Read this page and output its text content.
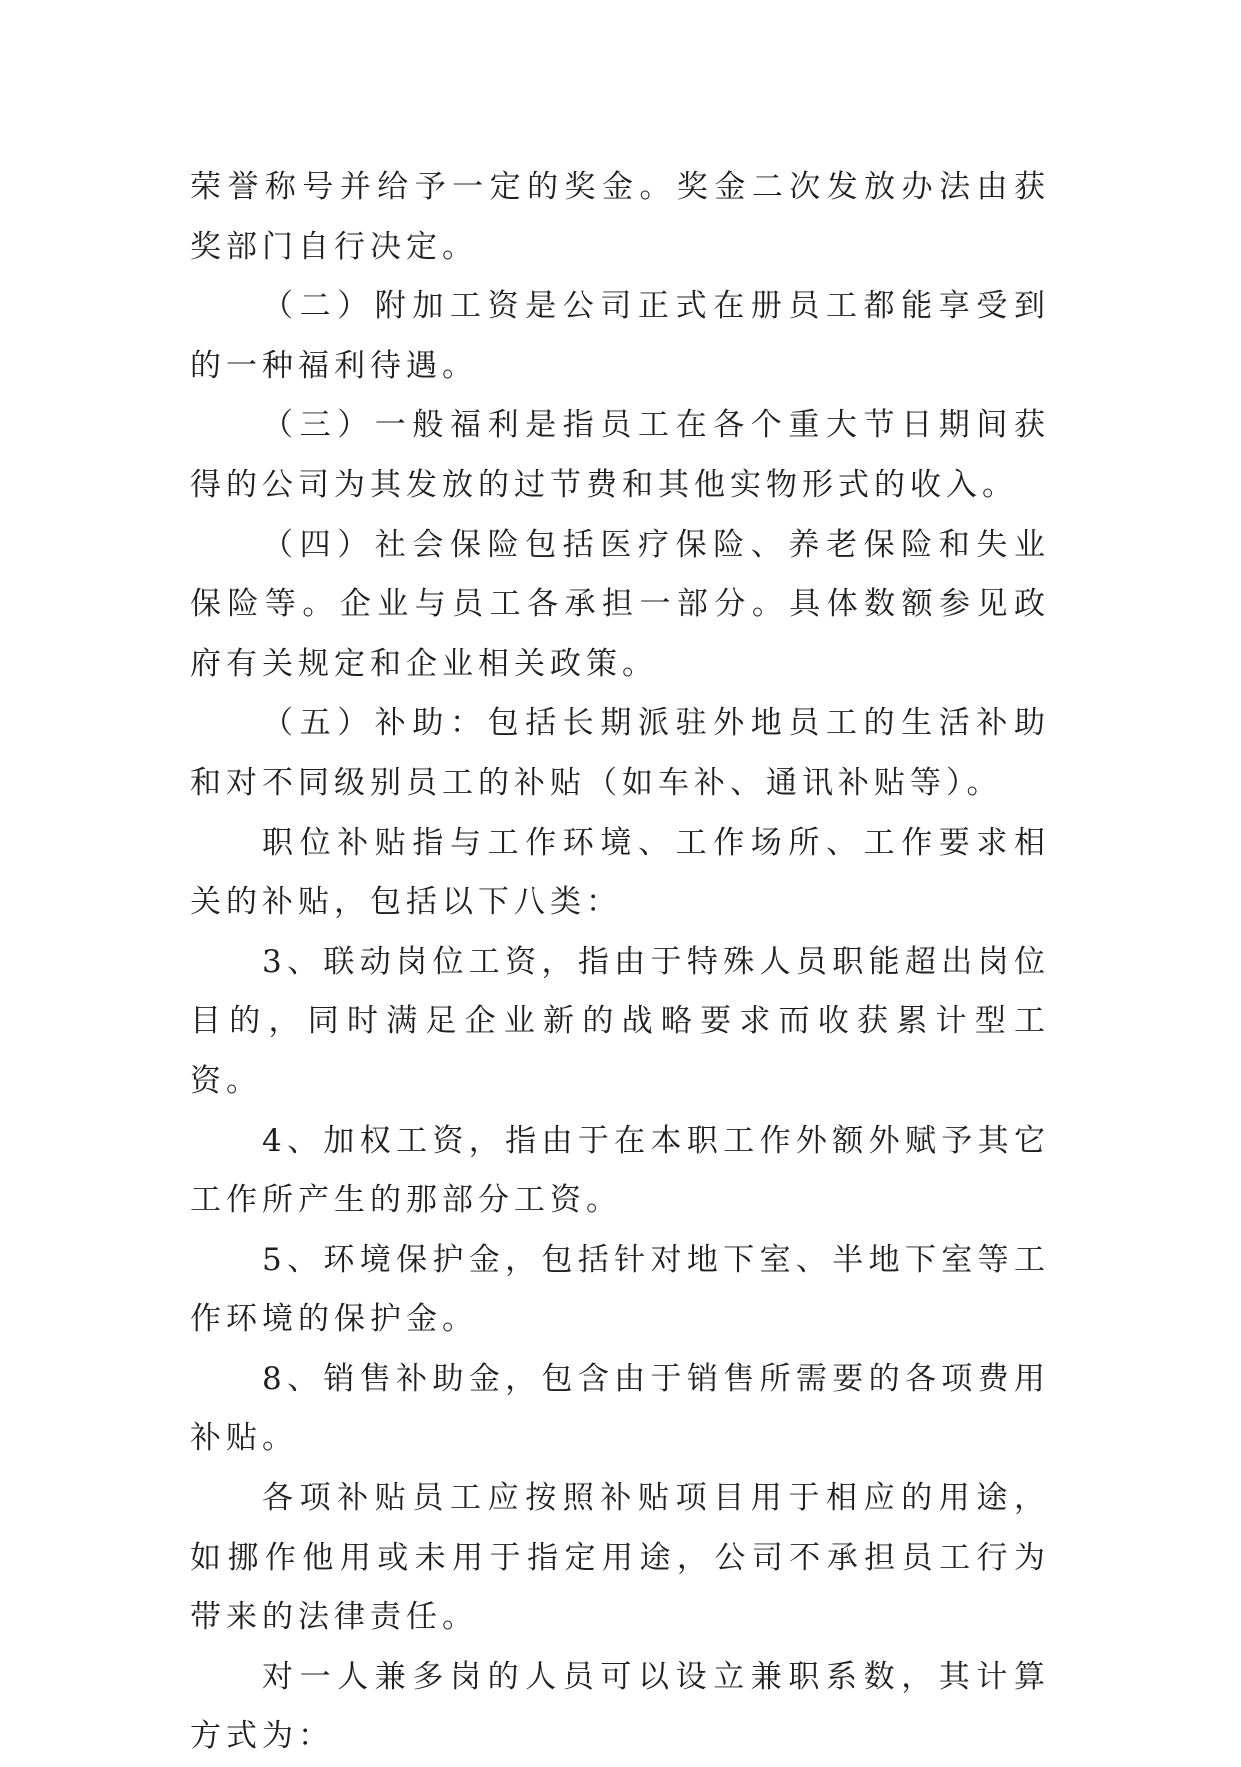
荣誉称号并给予一定的奖金。奖金二次发放办法由获奖部门自行决定。

（二）附加工资是公司正式在册员工都能享受到的一种福利待遇。

（三）一般福利是指员工在各个重大节日期间获得的公司为其发放的过节费和其他实物形式的收入。

（四）社会保险包括医疗保险、养老保险和失业保险等。企业与员工各承担一部分。具体数额参见政府有关规定和企业相关政策。

（五）补助：包括长期派驻外地员工的生活补助和对不同级别员工的补贴（如车补、通讯补贴等）。

职位补贴指与工作环境、工作场所、工作要求相关的补贴，包括以下八类：

3、联动岗位工资，指由于特殊人员职能超出岗位目的，同时满足企业新的战略要求而收获累计型工资。

4、加权工资，指由于在本职工作外额外赋予其它工作所产生的那部分工资。

5、环境保护金，包括针对地下室、半地下室等工作环境的保护金。

8、销售补助金，包含由于销售所需要的各项费用补贴。

各项补贴员工应按照补贴项目用于相应的用途，如挪作他用或未用于指定用途，公司不承担员工行为带来的法律责任。

对一人兼多岗的人员可以设立兼职系数，其计算方式为：
